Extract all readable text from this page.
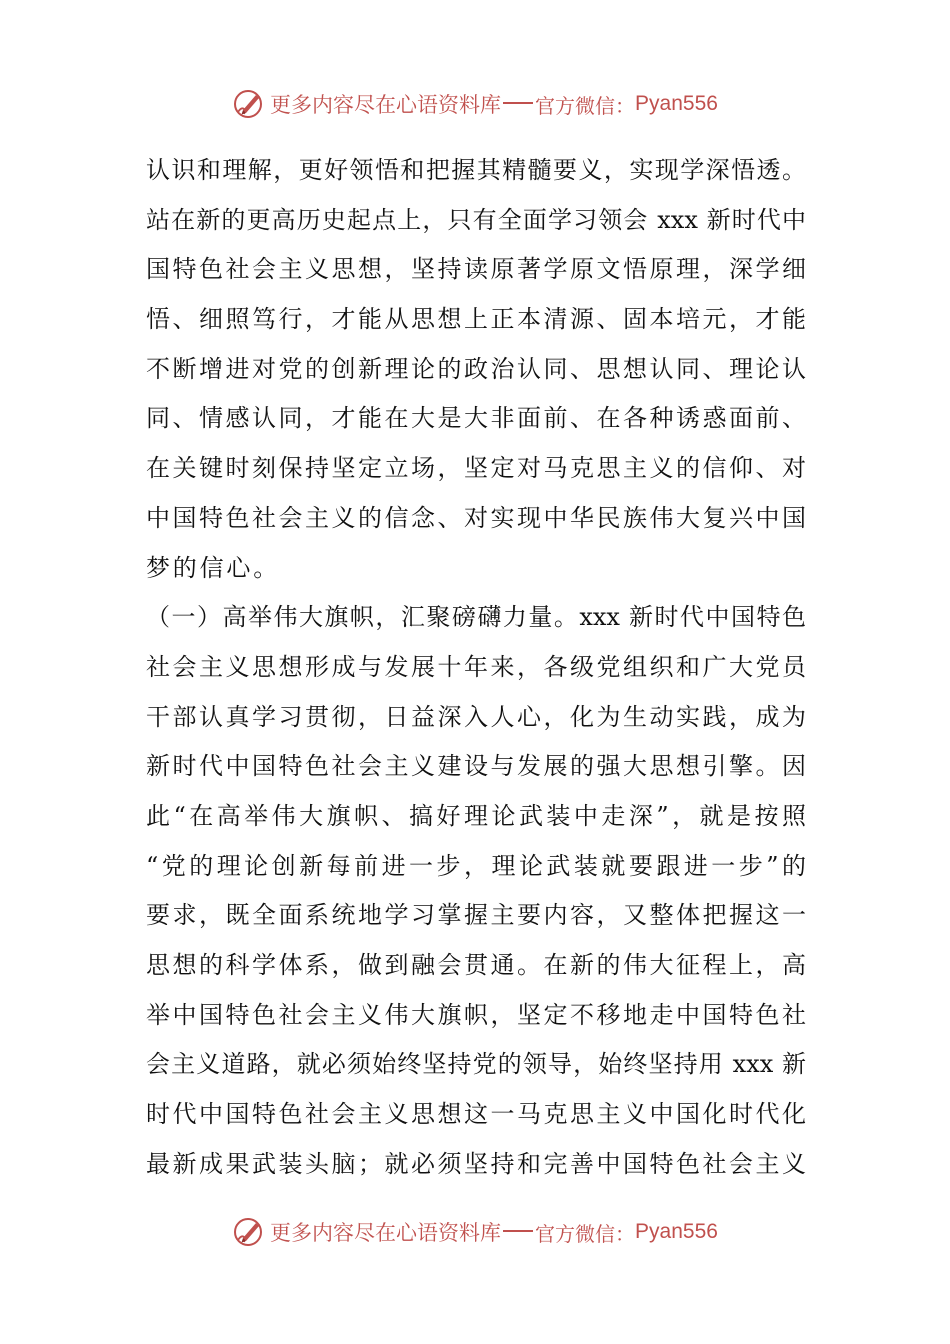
更多内容尽在心语资料库 官方微信： Pyan556
认识和理解，更好领悟和把握其精髓要义，实现学深悟透。
站在新的更高历史起点上，只有全面学习领会 xxx 新时代中
国特色社会主义思想，坚持读原著学原文悟原理，深学细
悟、细照笃行，才能从思想上正本清源、固本培元，才能
不断增进对党的创新理论的政治认同、思想认同、理论认
同、情感认同，才能在大是大非面前、在各种诱惑面前、
在关键时刻保持坚定立场，坚定对马克思主义的信仰、对
中国特色社会主义的信念、对实现中华民族伟大复兴中国
梦的信心。
（一）高举伟大旗帜，汇聚磅礴力量。xxx 新时代中国特色
社会主义思想形成与发展十年来，各级党组织和广大党员
干部认真学习贯彻，日益深入人心，化为生动实践，成为
新时代中国特色社会主义建设与发展的强大思想引擎。因
此“在高举伟大旗帜、搞好理论武装中走深”，就是按照
“党的理论创新每前进一步，理论武装就要跟进一步”的
要求，既全面系统地学习掌握主要内容，又整体把握这一
思想的科学体系，做到融会贯通。在新的伟大征程上，高
举中国特色社会主义伟大旗帜，坚定不移地走中国特色社
会主义道路，就必须始终坚持党的领导，始终坚持用 xxx 新
时代中国特色社会主义思想这一马克思主义中国化时代化
最新成果武装头脑；就必须坚持和完善中国特色社会主义
更多内容尽在心语资料库 官方微信： Pyan556
